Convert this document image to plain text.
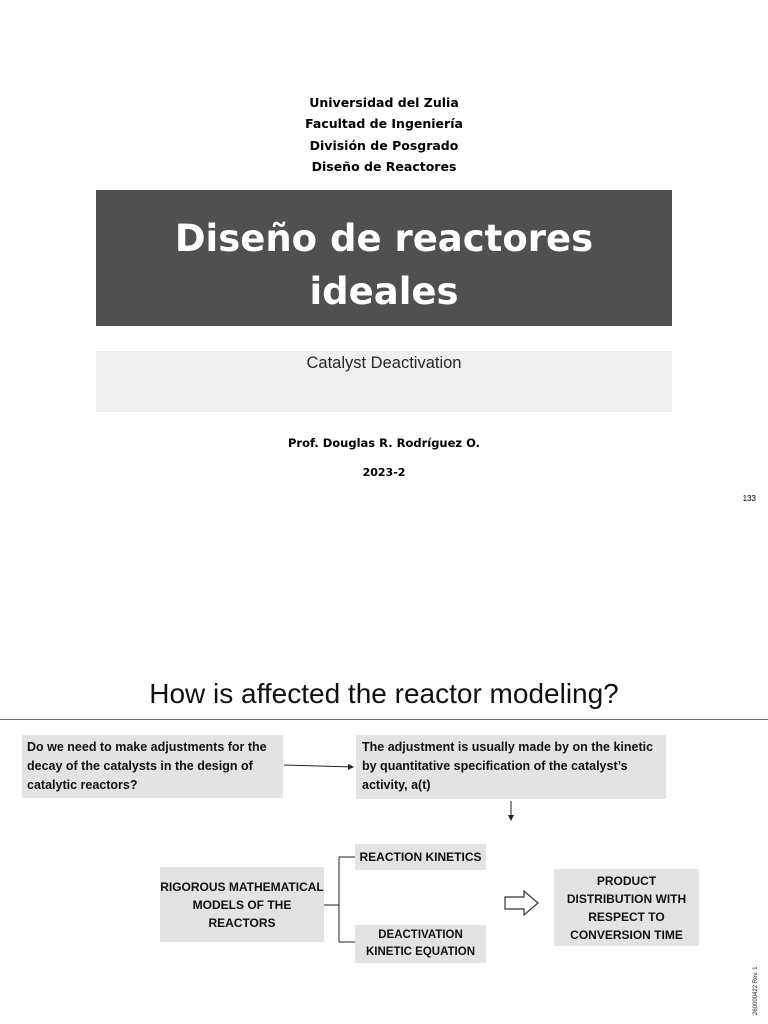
Universidad del Zulia
Facultad de Ingeniería
División de Posgrado
Diseño de Reactores
Diseño de reactores
ideales
Catalyst Deactivation
Prof. Douglas R. Rodríguez O.
2023-2
133
How is affected the reactor modeling?
Do we need to make adjustments for the decay of the catalysts in the design of catalytic reactors?
The adjustment is usually made by on the kinetic by quantitative specification of the catalyst’s activity, a(t)
RIGOROUS MATHEMATICAL MODELS OF THE REACTORS
REACTION KINETICS
DEACTIVATION KINETIC EQUATION
PRODUCT DISTRIBUTION WITH RESPECT TO CONVERSION TIME
260000422 Rev. 1
